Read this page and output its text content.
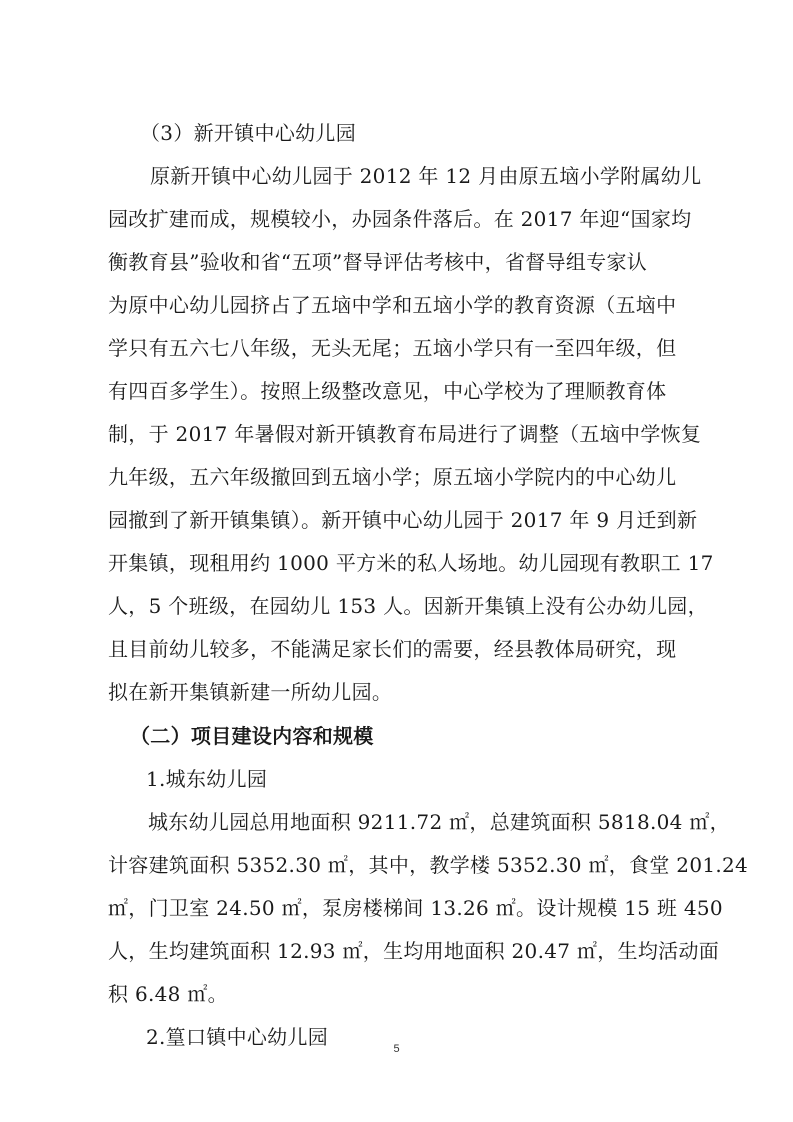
（3）新开镇中心幼儿园
原新开镇中心幼儿园于 2012 年 12 月由原五垴小学附属幼儿
园改扩建而成，规模较小，办园条件落后。在 2017 年迎“国家均
衡教育县”验收和省“五项”督导评估考核中，省督导组专家认
为原中心幼儿园挤占了五垴中学和五垴小学的教育资源（五垴中
学只有五六七八年级，无头无尾；五垴小学只有一至四年级，但
有四百多学生）。按照上级整改意见，中心学校为了理顺教育体
制，于 2017 年暑假对新开镇教育布局进行了调整（五垴中学恢复
九年级，五六年级撤回到五垴小学；原五垴小学院内的中心幼儿
园撤到了新开镇集镇）。新开镇中心幼儿园于 2017 年 9 月迁到新
开集镇，现租用约 1000 平方米的私人场地。幼儿园现有教职工 17
人，5 个班级，在园幼儿 153 人。因新开集镇上没有公办幼儿园，
且目前幼儿较多，不能满足家长们的需要，经县教体局研究，现
拟在新开集镇新建一所幼儿园。
（二）项目建设内容和规模
1.城东幼儿园
城东幼儿园总用地面积 9211.72 ㎡，总建筑面积 5818.04 ㎡，
计容建筑面积 5352.30 ㎡，其中，教学楼 5352.30 ㎡，食堂 201.24
㎡，门卫室 24.50 ㎡，泵房楼梯间 13.26 ㎡。设计规模 15 班 450
人，生均建筑面积 12.93 ㎡，生均用地面积 20.47 ㎡，生均活动面
积 6.48 ㎡。
2.篁口镇中心幼儿园	5
